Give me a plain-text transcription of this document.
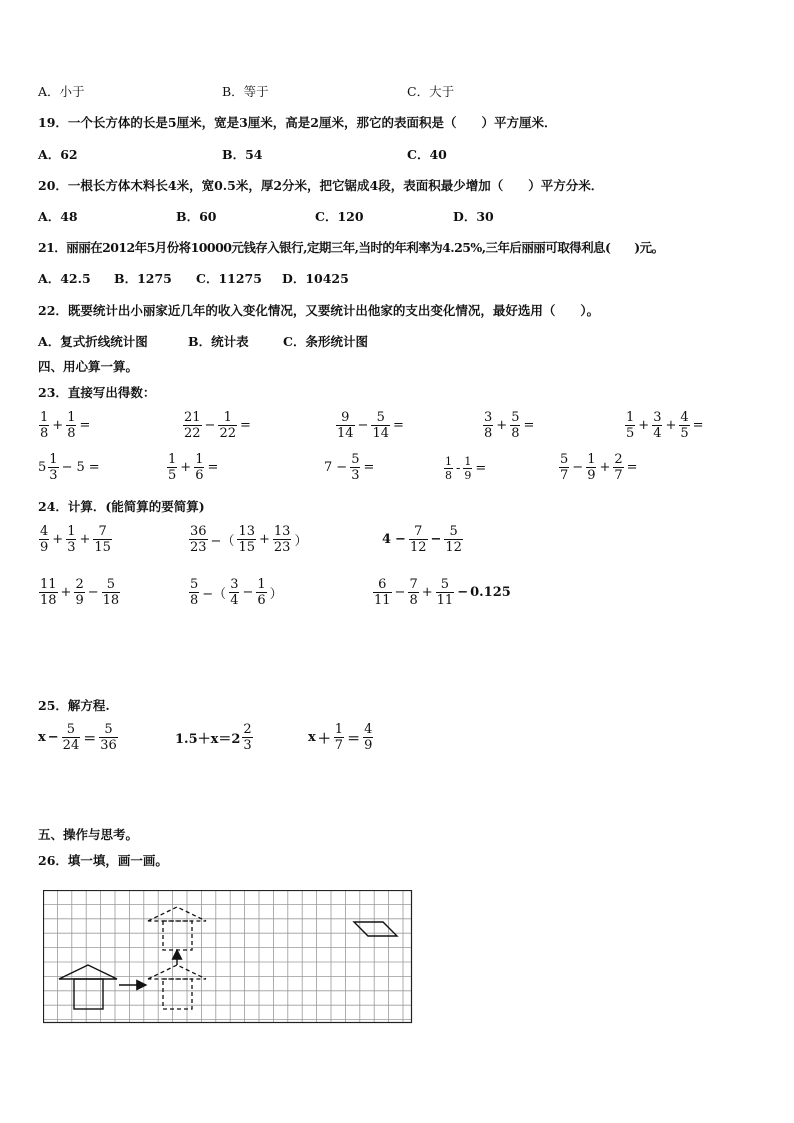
A．小于	B．等于	C．大于
19．一个长方体的长是5厘米，宽是3厘米，高是2厘米，那它的表面积是（　　）平方厘米．
A．62	B．54	C．40
20．一根长方体木料长4米，宽0.5米，厚2分米，把它锯成4段，表面积最少增加（　　）平方分米．
A．48	B．60	C．120	D．30
21．丽丽在2012年5月份将10000元钱存入银行,定期三年,当时的年利率为4.25%,三年后丽丽可取得利息(　　)元。
A．42.5 B．1275 C．11275 D．10425
22．既要统计出小丽家近几年的收入变化情况，又要统计出他家的支出变化情况，最好选用（　　）。
A．复式折线统计图	B．统计表	C．条形统计图
四、用心算一算。
23．直接写出得数：
$\frac{1}{8} + \frac{1}{8}$ =	$\frac{21}{22} - \frac{1}{22}$ =	$\frac{9}{14} - \frac{5}{14}$ =	$\frac{3}{8} + \frac{5}{8}$ =	$\frac{1}{5} + \frac{3}{4} + \frac{4}{5}$ =
$5 \frac{1}{3} - 5$ =	$\frac{1}{5} + \frac{1}{6}$ =	$7 - \frac{5}{3}$ =	$\frac{1}{8} - \frac{1}{9}$ =	$\frac{5}{7} - \frac{1}{9} + \frac{2}{7}$ =
24．计算．(能简算的要简算)
$\frac{4}{9} + \frac{1}{3} + \frac{7}{15}$	$\frac{36}{23}$ −（ $\frac{13}{15} + \frac{13}{23}$ ）	$4 - \frac{7}{12} - \frac{5}{12}$
$\frac{11}{18} + \frac{2}{9} - \frac{5}{18}$	$\frac{5}{8}$ −（ $\frac{3}{4} - \frac{1}{6}$ ）	$\frac{6}{11} - \frac{7}{8} + \frac{5}{11} - 0.125$
25．解方程.
$x - \frac{5}{24} = \frac{5}{36}$	$1.5+x=2 \frac{2}{3}$	$x + \frac{1}{7} = \frac{4}{9}$
五、操作与思考。
26．填一填，画一画。
